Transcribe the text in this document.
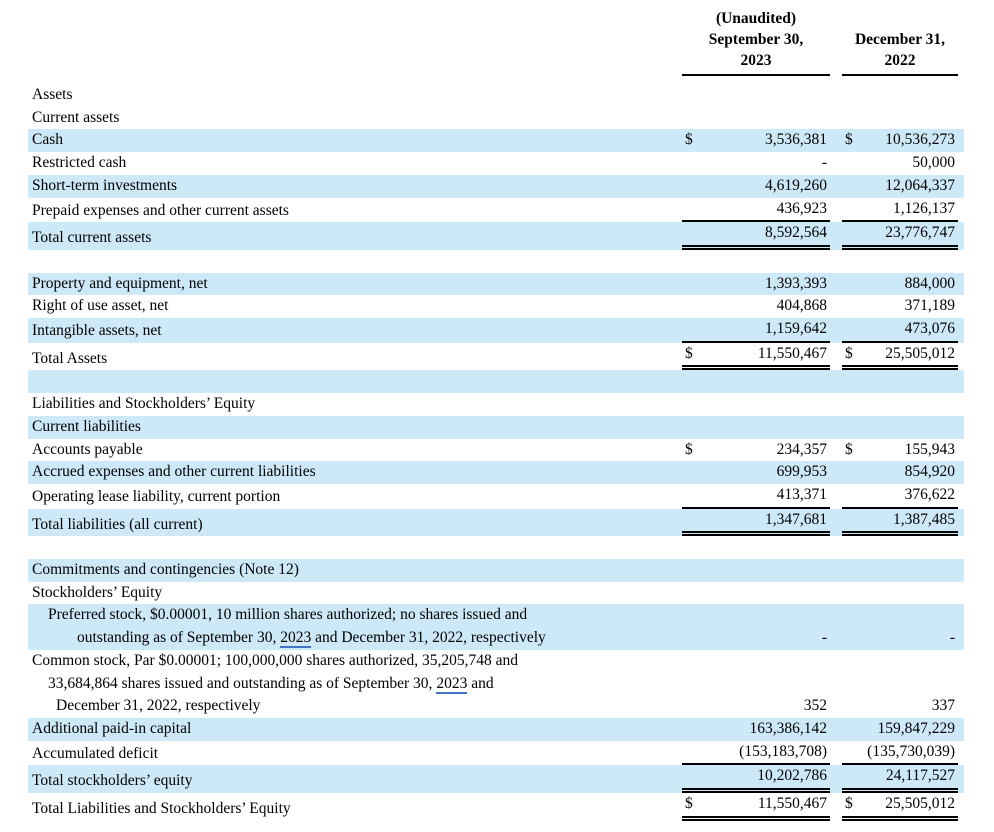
(Unaudited)
September 30,
2023
December 31,
2022
Assets
Current assets
Cash	$	3,536,381 $ 10,536,273
Restricted cash	-	50,000
Short-term investments	4,619,260	12,064,337
Prepaid expenses and other current assets	436,923	1,126,137
Total current assets	8,592,564	23,776,747
Property and equipment, net	1,393,393	884,000
Right of use asset, net	404,868	371,189
Intangible assets, net	1,159,642	473,076
Total Assets	$	11,550,467 $ 25,505,012
Liabilities and Stockholders’ Equity
Current liabilities
Accounts payable	$	234,357 $	155,943
Accrued expenses and other current liabilities	699,953	854,920
Operating lease liability, current portion	413,371	376,622
Total liabilities (all current)	1,347,681	1,387,485
Commitments and contingencies (Note 12)
Stockholders’ Equity
Preferred stock, $0.00001, 10 million shares authorized; no shares issued and
outstanding as of September 30, 2023 and December 31, 2022, respectively	-	-
Common stock, Par $0.00001; 100,000,000 shares authorized, 35,205,748 and
33,684,864 shares issued and outstanding as of September 30, 2023 and
December 31, 2022, respectively	352	337
Additional paid-in capital	163,386,142	159,847,229
Accumulated deficit	(153,183,708)	(135,730,039)
Total stockholders’ equity	10,202,786	24,117,527
Total Liabilities and Stockholders’ Equity	$	11,550,467 $ 25,505,012
